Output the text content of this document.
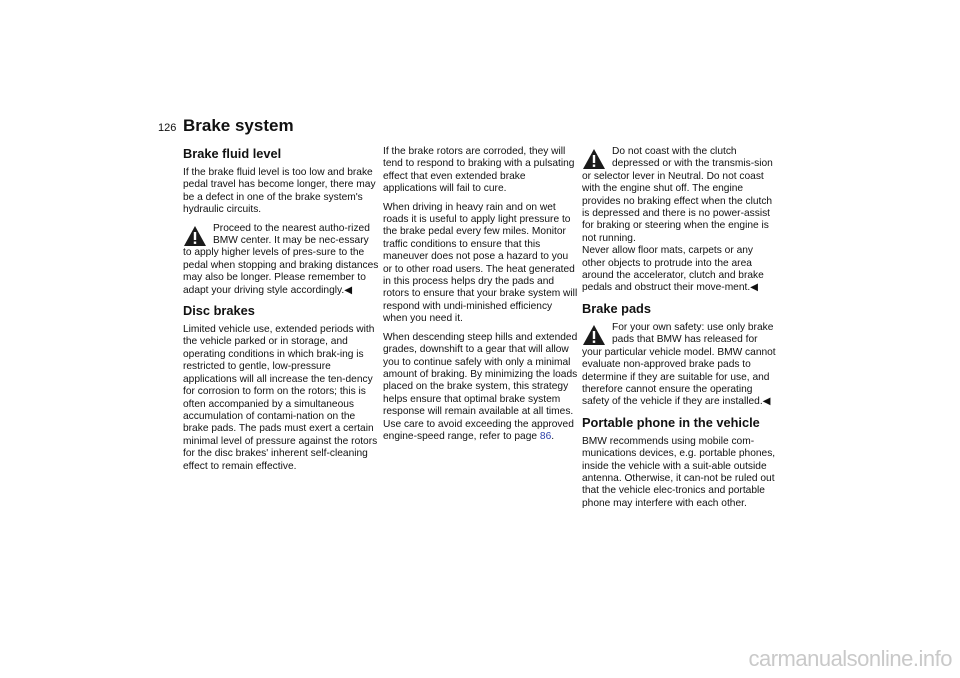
126 Brake system
Brake fluid level

If the brake fluid level is too low and brake pedal travel has become longer, there may be a defect in one of the brake system's hydraulic circuits.

Proceed to the nearest autho-rized BMW center. It may be nec-essary to apply higher levels of pres-sure to the pedal when stopping and braking distances may also be longer. Please remember to adapt your driving style accordingly.◀
Disc brakes

Limited vehicle use, extended periods with the vehicle parked or in storage, and operating conditions in which brak-ing is restricted to gentle, low-pressure applications will all increase the ten-dency for corrosion to form on the rotors; this is often accompanied by a simultaneous accumulation of contami-nation on the brake pads. The pads must exert a certain minimal level of pressure against the rotors for the disc brakes' inherent self-cleaning effect to remain effective.

If the brake rotors are corroded, they will tend to respond to braking with a pulsating effect that even extended brake applications will fail to cure.

When driving in heavy rain and on wet roads it is useful to apply light pressure to the brake pedal every few miles. Monitor traffic conditions to ensure that this maneuver does not pose a hazard to you or to other road users. The heat generated in this process helps dry the pads and rotors to ensure that your brake system will respond with undi-minished efficiency when you need it.

When descending steep hills and extended grades, downshift to a gear that will allow you to continue safely with only a minimal amount of braking. By minimizing the loads placed on the brake system, this strategy helps ensure that optimal brake system response will remain available at all times. Use care to avoid exceeding the approved engine-speed range, refer to page 86.

Do not coast with the clutch depressed or with the transmis-sion or selector lever in Neutral. Do not coast with the engine shut off. The engine provides no braking effect when the clutch is depressed and there is no power-assist for braking or steering when the engine is not running.
Never allow floor mats, carpets or any other objects to protrude into the area around the accelerator, clutch and brake pedals and obstruct their move-ment.◀
Brake pads
For your own safety: use only brake pads that BMW has released for your particular vehicle model. BMW cannot evaluate non-approved brake pads to determine if they are suitable for use, and therefore cannot ensure the operating safety of the vehicle if they are installed.◀
Portable phone in the vehicle

BMW recommends using mobile com-munications devices, e.g. portable phones, inside the vehicle with a suit-able outside antenna. Otherwise, it can-not be ruled out that the vehicle elec-tronics and portable phone may interfere with each other.

carmanualsonline.info
